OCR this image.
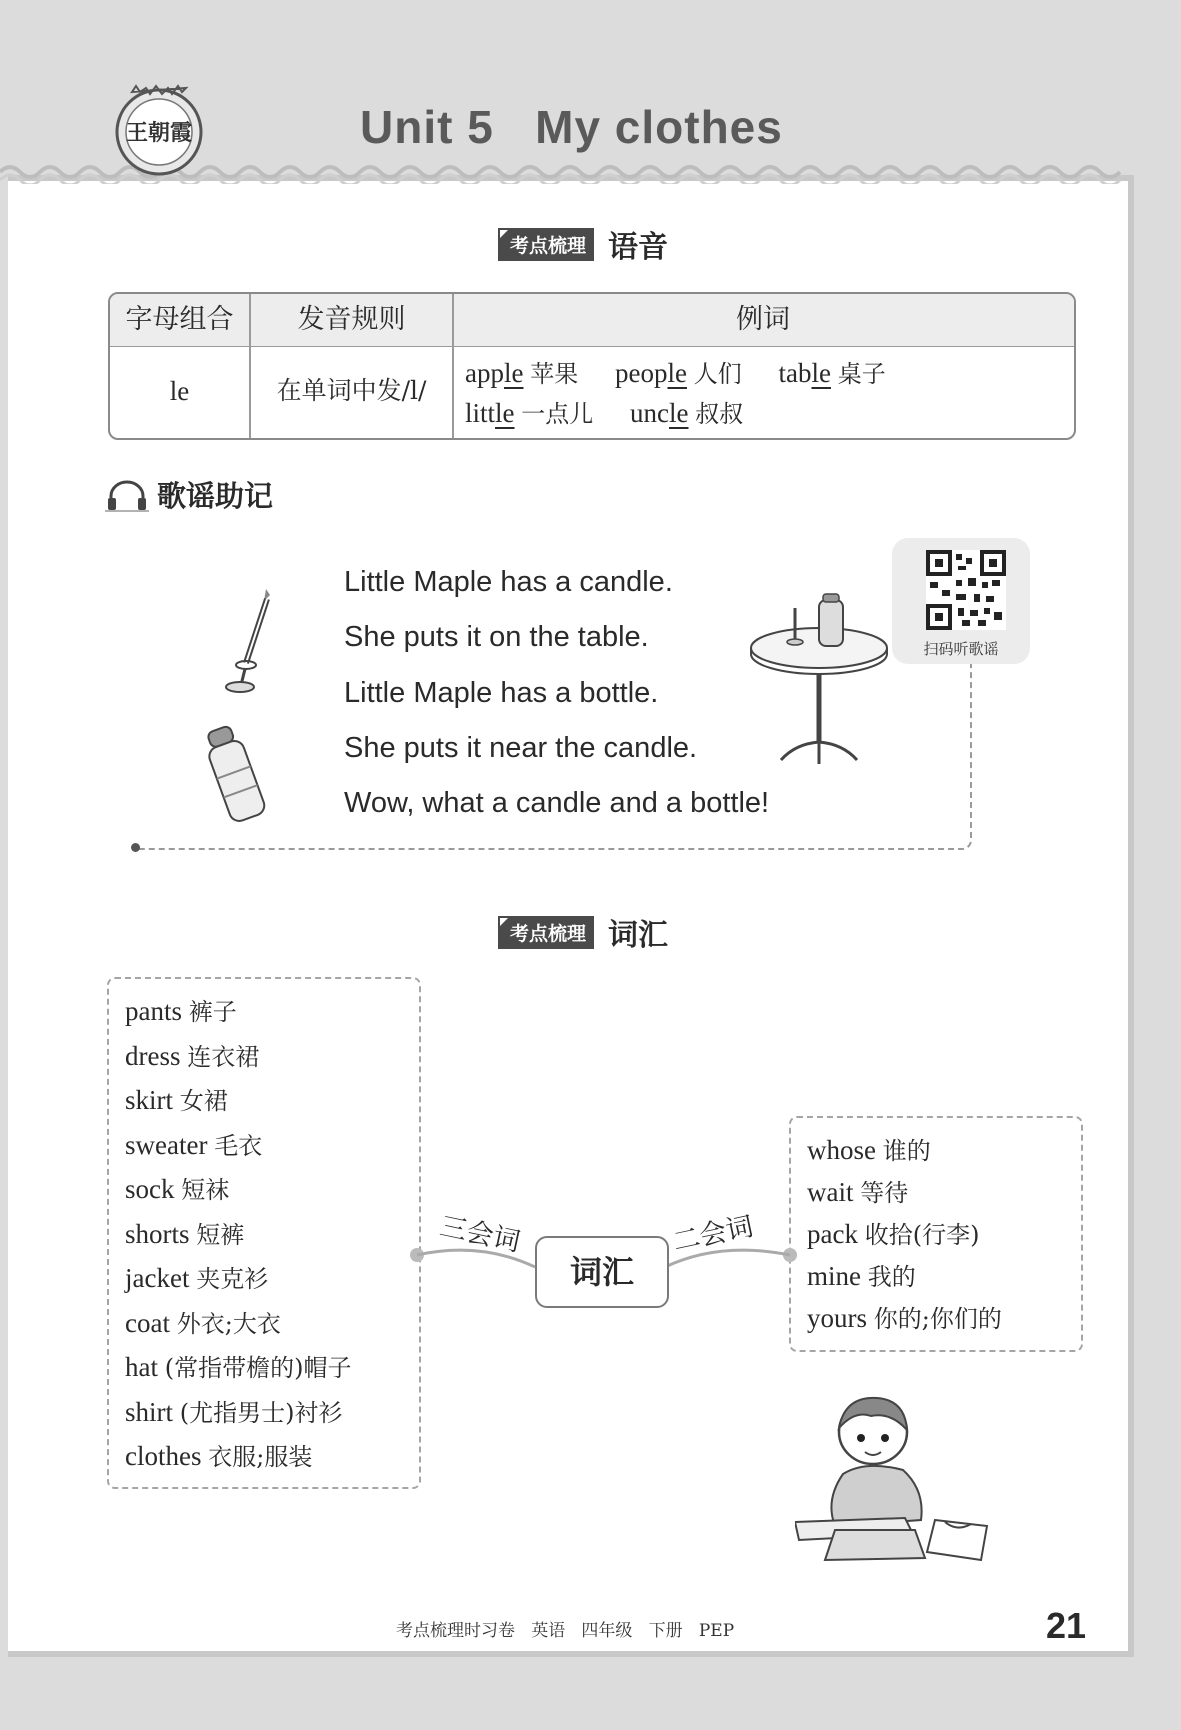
王朝霞	Unit 5   My clothes
考点梳理 语音
字母组合	发音规则	例词
le	在单词中发/l/
apple 苹果 people 人们 table 桌子
little 一点儿 uncle 叔叔
歌谣助记
Little Maple has a candle.
She puts it on the table.
Little Maple has a bottle.
She puts it near the candle.
Wow, what a candle and a bottle!
扫码听歌谣
考点梳理 词汇
词汇
三会词	二会词
pants 裤子
dress 连衣裙
skirt 女裙
sweater 毛衣
sock 短袜
shorts 短裤
jacket 夹克衫
coat 外衣;大衣
hat (常指带檐的)帽子
shirt (尤指男士)衬衫
clothes 衣服;服装
whose 谁的
wait 等待
pack 收拾(行李)
mine 我的
yours 你的;你们的
考点梳理时习卷   英语   四年级   下册   PEP	21
